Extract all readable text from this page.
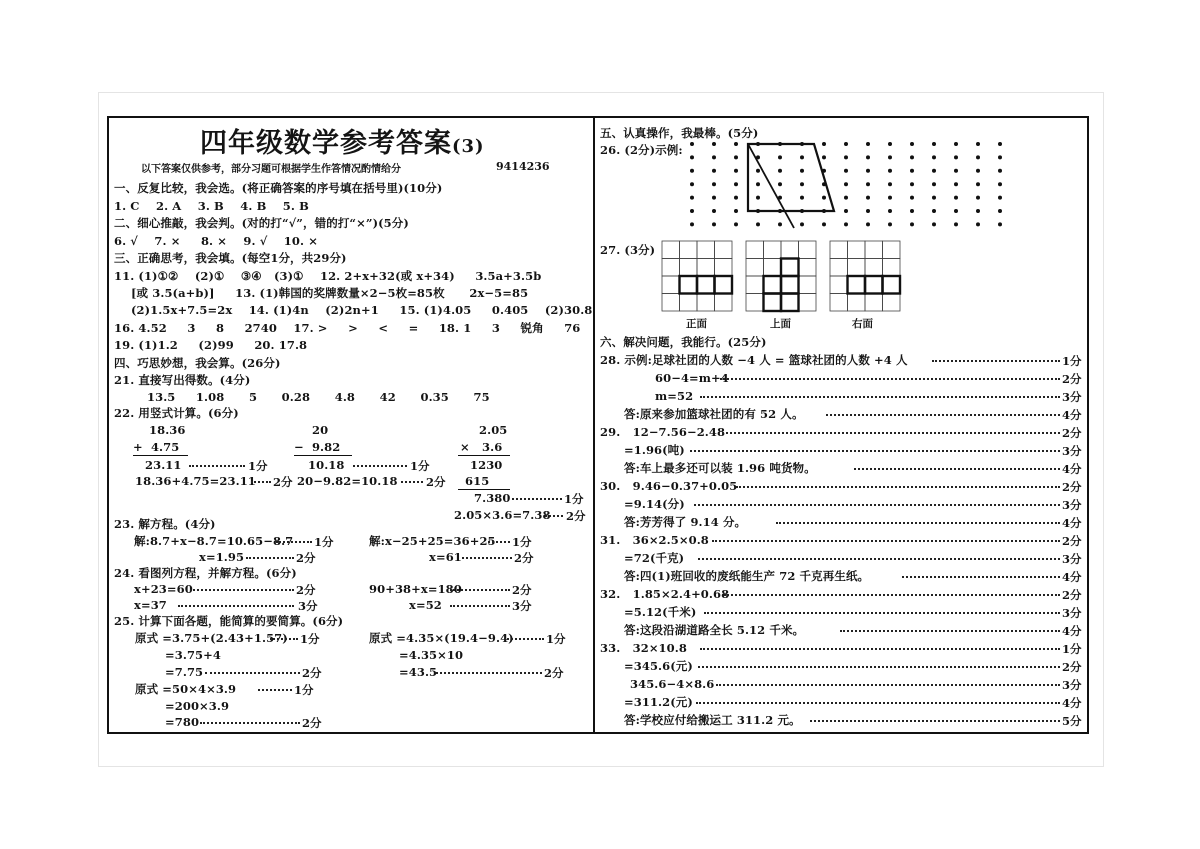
四年级数学参考答案(3)
以下答案仅供参考，部分习题可根据学生作答情况酌情给分	9414236
一、反复比较，我会选。(将正确答案的序号填在括号里)(10分)
1. C    2. A    3. B    4. B    5. B
二、细心推敲，我会判。(对的打“√”，错的打“×”)(5分)
6. √    7. ×     8. ×    9. √    10. ×
三、正确思考，我会填。(每空1分，共29分)
11. (1)①②    (2)①    ③④   (3)①    12. 2+x+32(或 x+34)     3.5a+3.5b
[或 3.5(a+b)]     13. (1)韩国的奖牌数量×2−5枚=85枚      2x−5=85
(2)1.5x+7.5=2x    14. (1)4n    (2)2n+1     15. (1)4.05     0.405    (2)30.8
16. 4.52     3     8     2740    17. >     >     <     =     18. 1     3     锐角     76
19. (1)1.2     (2)99     20. 17.8
四、巧思妙想，我会算。(26分)
21. 直接写出得数。(4分)
13.5     1.08      5      0.28      4.8      42      0.35      75
22. 用竖式计算。(6分)
18.36
+  4.75
23.11	1分
18.36+4.75=23.11 2分
20
−  9.82
10.18	1分
20−9.82=10.18 2分
2.05
×   3.6
1230
615
7.380	1分
2.05×3.6=7.38 2分
23. 解方程。(4分)
解:8.7+x−8.7=10.65−8.7 1分
x=1.95	2分
解:x−25+25=36+25 1分
x=61	2分
24. 看图列方程，并解方程。(6分)
x+23=60	2分
x=37	3分
90+38+x=180	2分
x=52	3分
25. 计算下面各题，能简算的要简算。(6分)
原式 =3.75+(2.43+1.57) 1分
=3.75+4
=7.75	2分
原式 =4.35×(19.4−9.4)	1分
=4.35×10
=43.5	2分
原式 =50×4×3.9	1分
=200×3.9
=780	2分
五、认真操作，我最棒。(5分)
26. (2分)示例:
27. (3分)
正面	上面	右面
六、解决问题，我能行。(25分)
28. 示例:足球社团的人数 −4 人 = 篮球社团的人数 +4 人	1分
60−4=m+4	2分
m=52	3分
答:原来参加篮球社团的有 52 人。	4分
29.   12−7.56−2.48	2分
=1.96(吨)	3分
答:车上最多还可以装 1.96 吨货物。	4分
30.   9.46−0.37+0.05	2分
=9.14(分)	3分
答:芳芳得了 9.14 分。	4分
31.   36×2.5×0.8	2分
=72(千克)	3分
答:四(1)班回收的废纸能生产 72 千克再生纸。	4分
32.   1.85×2.4+0.68	2分
=5.12(千米)	3分
答:这段沿湖道路全长 5.12 千米。	4分
33.   32×10.8	1分
=345.6(元)	2分
345.6−4×8.6	3分
=311.2(元)	4分
答:学校应付给搬运工 311.2 元。	5分
